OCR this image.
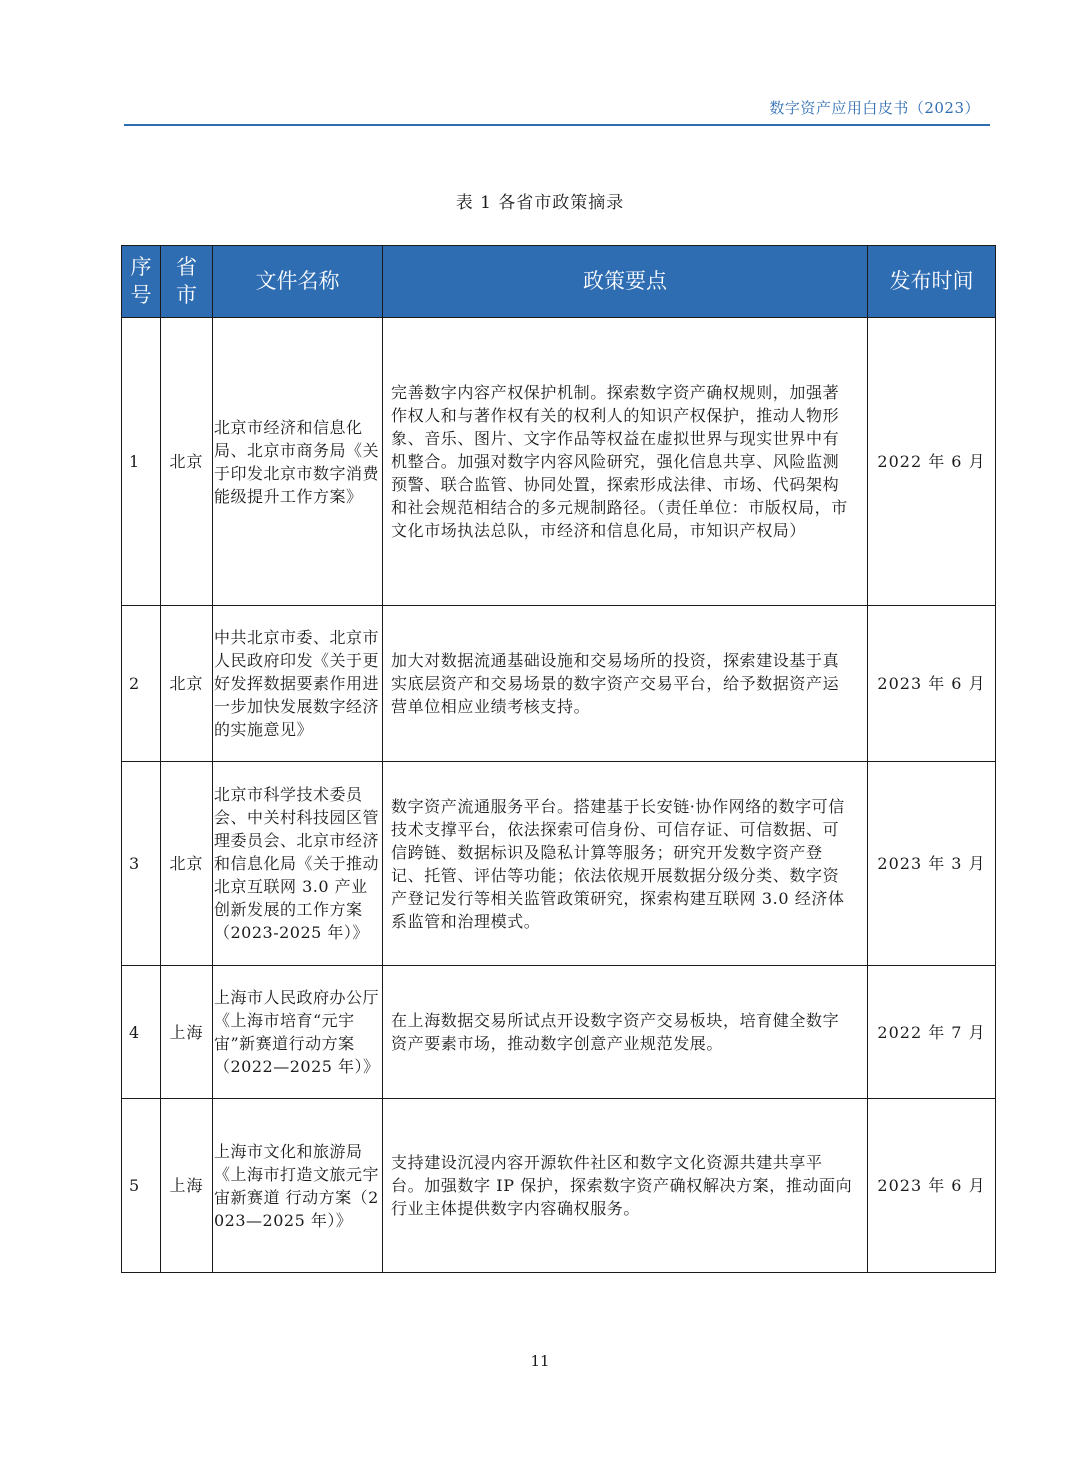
数字资产应用白皮书（2023）
表 1 各省市政策摘录
序号	省市	文件名称	政策要点	发布时间
1	北京	北京市经济和信息化局、北京市商务局《关于印发北京市数字消费能级提升工作方案》	完善数字内容产权保护机制。探索数字资产确权规则，加强著作权人和与著作权有关的权利人的知识产权保护，推动人物形象、音乐、图片、文字作品等权益在虚拟世界与现实世界中有机整合。加强对数字内容风险研究，强化信息共享、风险监测预警、联合监管、协同处置，探索形成法律、市场、代码架构和社会规范相结合的多元规制路径。（责任单位：市版权局，市文化市场执法总队，市经济和信息化局，市知识产权局）	2022 年 6 月
2	北京	中共北京市委、北京市人民政府印发《关于更好发挥数据要素作用进一步加快发展数字经济的实施意见》	加大对数据流通基础设施和交易场所的投资，探索建设基于真实底层资产和交易场景的数字资产交易平台，给予数据资产运营单位相应业绩考核支持。	2023 年 6 月
3	北京	北京市科学技术委员会、中关村科技园区管理委员会、北京市经济和信息化局《关于推动北京互联网 3.0 产业创新发展的工作方案（2023-2025 年）》	数字资产流通服务平台。搭建基于长安链·协作网络的数字可信技术支撑平台，依法探索可信身份、可信存证、可信数据、可信跨链、数据标识及隐私计算等服务；研究开发数字资产登记、托管、评估等功能；依法依规开展数据分级分类、数字资产登记发行等相关监管政策研究，探索构建互联网 3.0 经济体系监管和治理模式。	2023 年 3 月
4	上海	上海市人民政府办公厅《上海市培育“元宇宙”新赛道行动方案（2022—2025 年）》	在上海数据交易所试点开设数字资产交易板块，培育健全数字资产要素市场，推动数字创意产业规范发展。	2022 年 7 月
5	上海	上海市文化和旅游局《上海市打造文旅元宇宙新赛道 行动方案（2023—2025 年）》	支持建设沉浸内容开源软件社区和数字文化资源共建共享平台。加强数字 IP 保护，探索数字资产确权解决方案，推动面向行业主体提供数字内容确权服务。	2023 年 6 月
11
